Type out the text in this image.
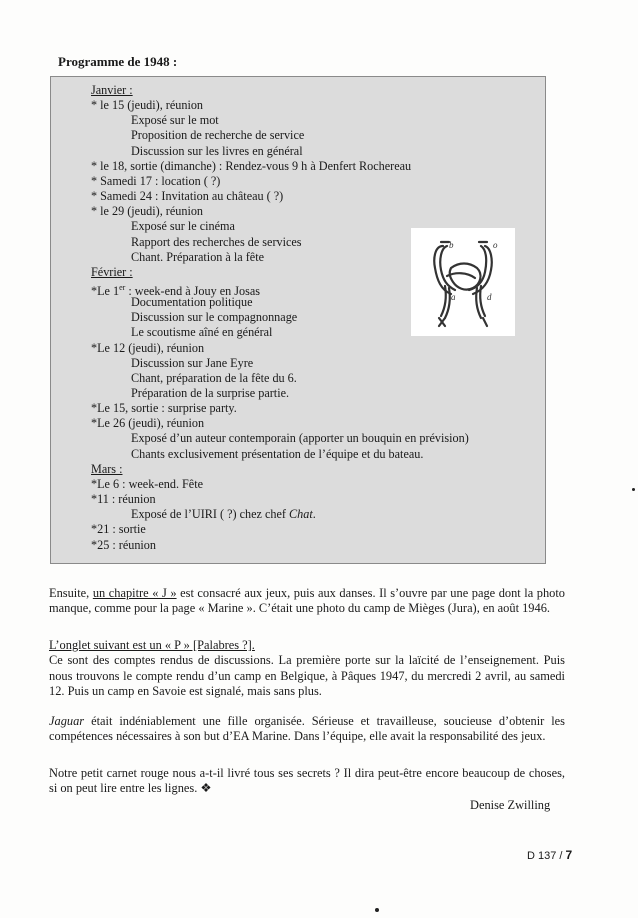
Programme de 1948 :
Janvier :
* le 15 (jeudi), réunion
Exposé sur le mot
Proposition de recherche de service
Discussion sur les livres en général
* le 18, sortie (dimanche) : Rendez-vous 9 h à Denfert Rochereau
* Samedi 17 : location ( ?)
* Samedi 24 : Invitation au château ( ?)
* le 29 (jeudi), réunion
Exposé sur le cinéma
Rapport des recherches de services
Chant. Préparation à la fête
Février :
*Le 1er : week-end à Jouy en Josas
Documentation politique
Discussion sur le compagnonnage
Le scoutisme aîné en général
*Le 12 (jeudi), réunion
Discussion sur Jane Eyre
Chant, préparation de la fête du 6.
Préparation de la surprise partie.
*Le 15, sortie : surprise party.
*Le 26 (jeudi), réunion
Exposé d’un auteur contemporain (apporter un bouquin en prévision)
Chants exclusivement présentation de l’équipe et du bateau.
Mars :
*Le 6 : week-end. Fête
*11 : réunion
Exposé de l’UIRI ( ?) chez chef Chat.
*21 : sortie
*25 : réunion
b	o
a	d

Ensuite, un chapitre « J » est consacré aux jeux, puis aux danses. Il s’ouvre par une page dont la photo manque, comme pour la page « Marine ». C’était une photo du camp de Mièges (Jura), en août 1946.

L’onglet suivant est un « P » [Palabres ?].

Ce sont des comptes rendus de discussions. La première porte sur la laïcité de l’enseignement. Puis nous trouvons le compte rendu d’un camp en Belgique, à Pâques 1947, du mercredi 2 avril, au samedi 12. Puis un camp en Savoie est signalé, mais sans plus.

Jaguar était indéniablement une fille organisée. Sérieuse et travailleuse, soucieuse d’obtenir les compétences nécessaires à son but d’EA Marine. Dans l’équipe, elle avait la responsabilité des jeux.

Notre petit carnet rouge nous a-t-il livré tous ses secrets ? Il dira peut-être encore beaucoup de choses, si on peut lire entre les lignes. ❖

Denise Zwilling
D 137 / 7
